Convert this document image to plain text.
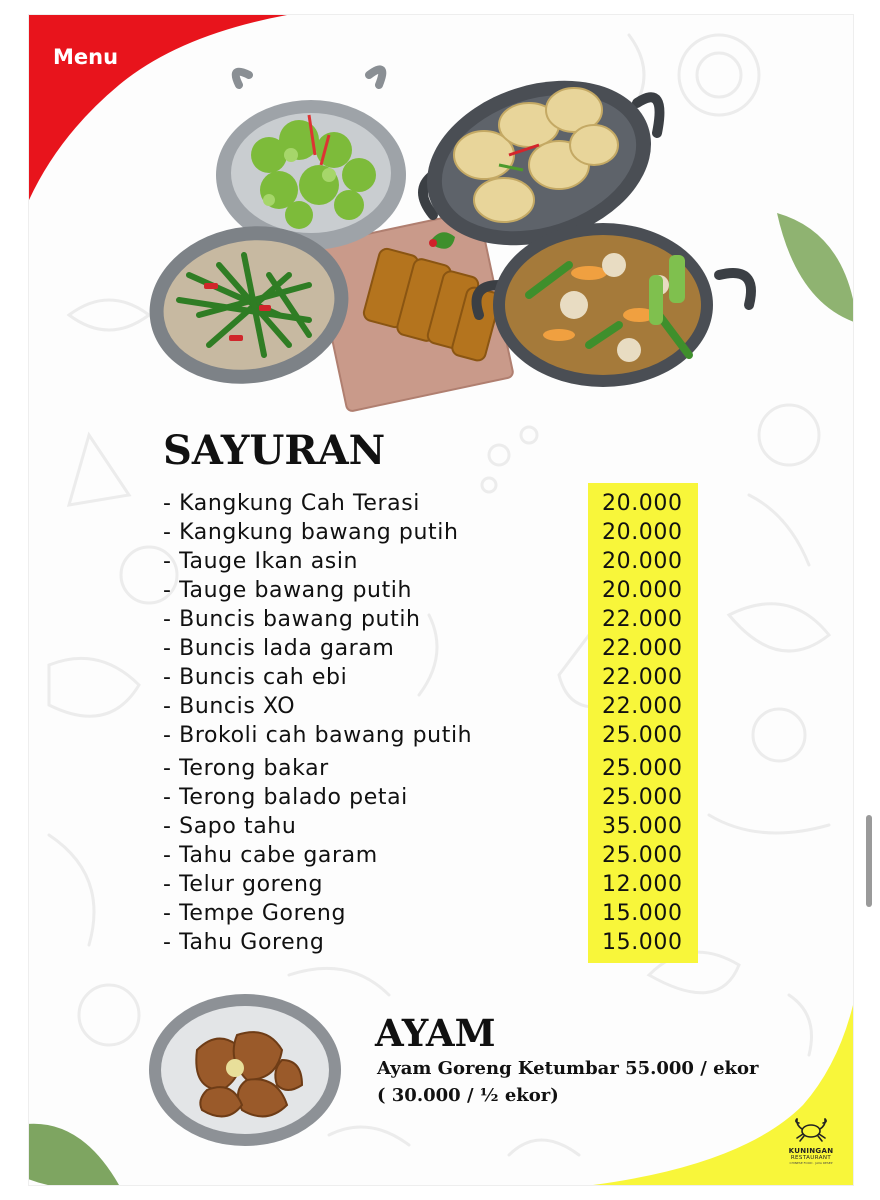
Menu
SAYURAN
- Kangkung Cah Terasi	20.000
- Kangkung bawang putih	20.000
- Tauge Ikan asin	20.000
- Tauge bawang putih	20.000
- Buncis bawang putih	22.000
- Buncis lada garam	22.000
- Buncis cah ebi	22.000
- Buncis XO	22.000
- Brokoli cah bawang putih	25.000
- Terong bakar	25.000
- Terong balado petai	25.000
- Sapo tahu	35.000
- Tahu cabe garam	25.000
- Telur goreng	12.000
- Tempe Goreng	15.000
- Tahu Goreng	15.000
AYAM
Ayam Goreng Ketumbar 55.000 / ekor
( 30.000 / ½ ekor)
KUNINGAN
RESTAURANT
CHINESE FOOD · JAVA RESEP
